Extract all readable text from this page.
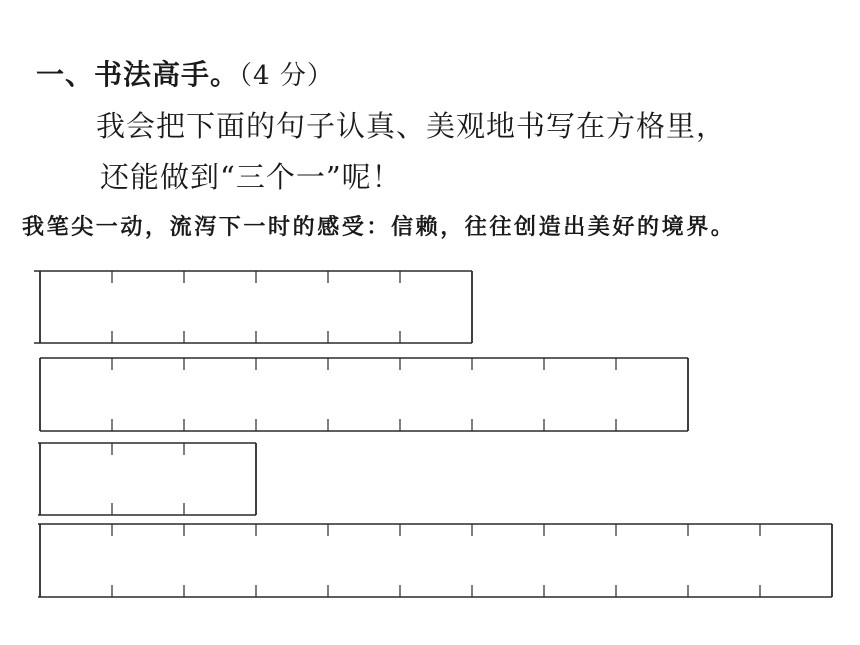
一、书法高手。（4 分）
我会把下面的句子认真、美观地书写在方格里，
还能做到“三个一”呢！
我笔尖一动，流泻下一时的感受：信赖，往往创造出美好的境界。
